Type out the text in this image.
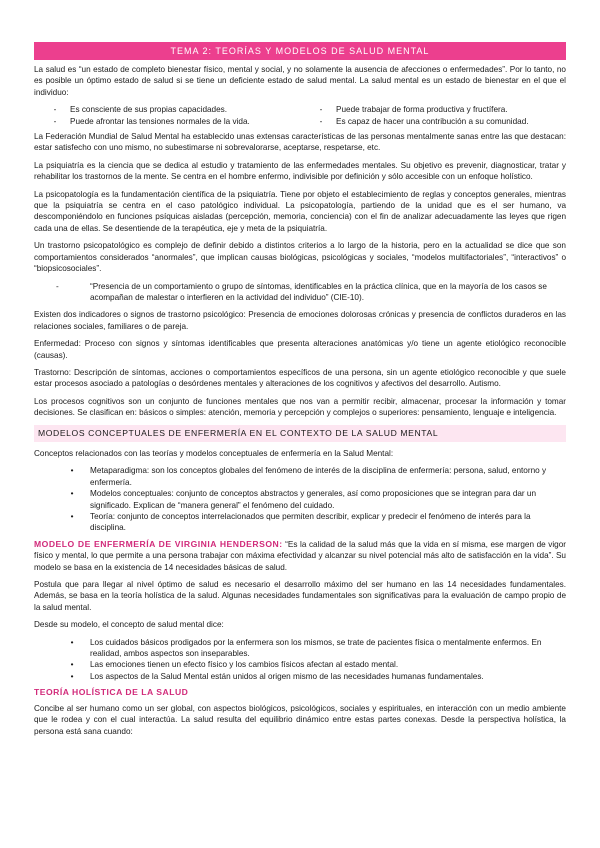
TEMA 2: TEORÍAS Y MODELOS DE SALUD MENTAL

La salud es “un estado de completo bienestar físico, mental y social, y no solamente la ausencia de afecciones o enfermedades”. Por lo tanto, no es posible un óptimo estado de salud si se tiene un deficiente estado de salud mental. La salud mental es un estado de bienestar en el que el individuo:

-	Es consciente de sus propias capacidades.
-	Puede afrontar las tensiones normales de la vida.
-	Puede trabajar de forma productiva y fructífera.
-	Es capaz de hacer una contribución a su comunidad.

La Federación Mundial de Salud Mental ha establecido unas extensas características de las personas mentalmente sanas entre las que destacan: estar satisfecho con uno mismo, no subestimarse ni sobrevalorarse, aceptarse, respetarse, etc.

La psiquiatría es la ciencia que se dedica al estudio y tratamiento de las enfermedades mentales. Su objetivo es prevenir, diagnosticar, tratar y rehabilitar los trastornos de la mente. Se centra en el hombre enfermo, indivisible por definición y sólo accesible con un enfoque holístico.

La psicopatología es la fundamentación científica de la psiquiatría. Tiene por objeto el establecimiento de reglas y conceptos generales, mientras que la psiquiatría se centra en el caso patológico individual. La psicopatología, partiendo de la unidad que es el ser humano, va descomponiéndolo en funciones psíquicas aisladas (percepción, memoria, conciencia) con el fin de analizar adecuadamente las leyes que rigen cada una de ellas. Se desentiende de la terapéutica, eje y meta de la psiquiatría.

Un trastorno psicopatológico es complejo de definir debido a distintos criterios a lo largo de la historia, pero en la actualidad se dice que son comportamientos considerados “anormales”, que implican causas biológicas, psicológicas y sociales, “modelos multifactoriales”, “interactivos” o “biopsicosociales”.

-	“Presencia de un comportamiento o grupo de síntomas, identificables en la práctica clínica, que en la mayoría de los casos se acompañan de malestar o interfieren en la actividad del individuo” (CIE-10).

Existen dos indicadores o signos de trastorno psicológico: Presencia de emociones dolorosas crónicas y presencia de conflictos duraderos en las relaciones sociales, familiares o de pareja.

Enfermedad: Proceso con signos y síntomas identificables que presenta alteraciones anatómicas y/o tiene un agente etiológico reconocible (causas).

Trastorno: Descripción de síntomas, acciones o comportamientos específicos de una persona, sin un agente etiológico reconocible y que suele estar procesos asociado a patologías o desórdenes mentales y alteraciones de los cognitivos y afectivos del desarrollo. Autismo.

Los procesos cognitivos son un conjunto de funciones mentales que nos van a permitir recibir, almacenar, procesar la información y tomar decisiones. Se clasifican en: básicos o simples: atención, memoria y percepción y complejos o superiores: pensamiento, lenguaje e inteligencia.

MODELOS CONCEPTUALES DE ENFERMERÍA EN EL CONTEXTO DE LA SALUD MENTAL

Conceptos relacionados con las teorías y modelos conceptuales de enfermería en la Salud Mental:

•	Metaparadigma: son los conceptos globales del fenómeno de interés de la disciplina de enfermería: persona, salud, entorno y enfermería.
•	Modelos conceptuales: conjunto de conceptos abstractos y generales, así como proposiciones que se integran para dar un significado. Explican de “manera general” el fenómeno del cuidado.
•	Teoría: conjunto de conceptos interrelacionados que permiten describir, explicar y predecir el fenómeno de interés para la disciplina.

MODELO DE ENFERMERÍA DE VIRGINIA HENDERSON: “Es la calidad de la salud más que la vida en sí misma, ese margen de vigor físico y mental, lo que permite a una persona trabajar con máxima efectividad y alcanzar su nivel potencial más alto de satisfacción en la vida”. Su modelo se basa en la existencia de 14 necesidades básicas de salud.

Postula que para llegar al nivel óptimo de salud es necesario el desarrollo máximo del ser humano en las 14 necesidades fundamentales. Además, se basa en la teoría holística de la salud. Algunas necesidades fundamentales son significativas para la evaluación de campo propio de la salud mental.

Desde su modelo, el concepto de salud mental dice:

•	Los cuidados básicos prodigados por la enfermera son los mismos, se trate de pacientes física o mentalmente enfermos. En realidad, ambos aspectos son inseparables.
•	Las emociones tienen un efecto físico y los cambios físicos afectan al estado mental.
•	Los aspectos de la Salud Mental están unidos al origen mismo de las necesidades humanas fundamentales.
TEORÍA HOLÍSTICA DE LA SALUD

Concibe al ser humano como un ser global, con aspectos biológicos, psicológicos, sociales y espirituales, en interacción con un medio ambiente que le rodea y con el cual interactúa. La salud resulta del equilibrio dinámico entre estas partes conexas. Desde la perspectiva holística, la persona está sana cuando:
